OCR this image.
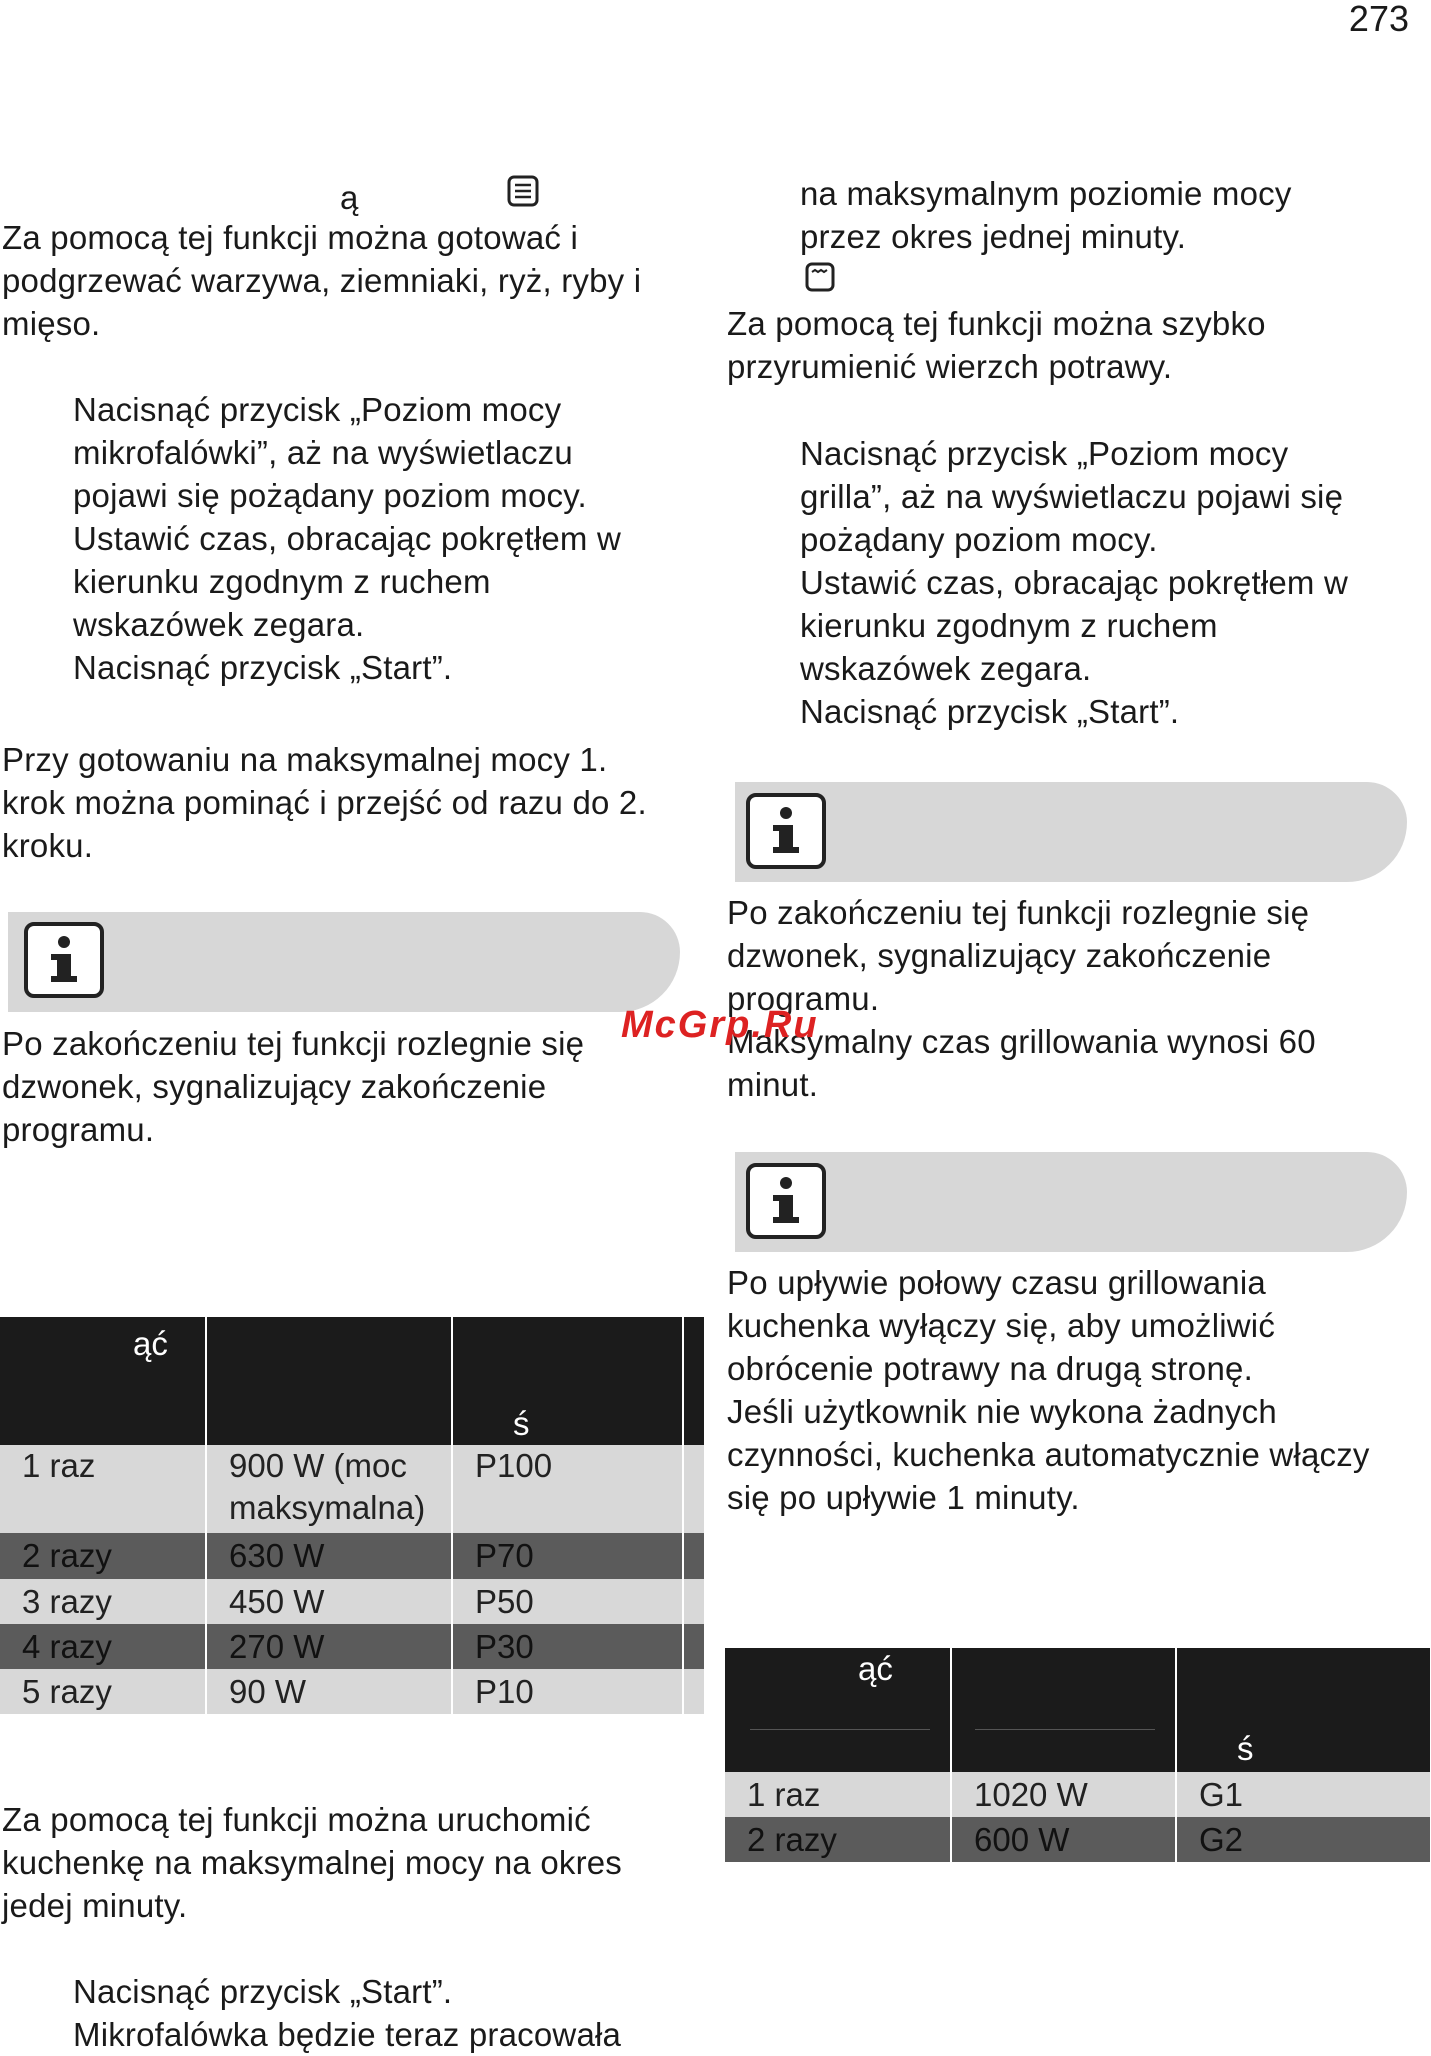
273
ą
Za pomocą tej funkcji można gotować i
podgrzewać warzywa, ziemniaki, ryż, ryby i
mięso.
Nacisnąć przycisk „Poziom mocy
mikrofalówki”, aż na wyświetlaczu
pojawi się pożądany poziom mocy.
Ustawić czas, obracając pokrętłem w
kierunku zgodnym z ruchem
wskazówek zegara.
Nacisnąć przycisk „Start”.
Przy gotowaniu na maksymalnej mocy 1.
krok można pominąć i przejść od razu do 2.
kroku.
Po zakończeniu tej funkcji rozlegnie się
dzwonek, sygnalizujący zakończenie
programu.
ąć		ś	
1 raz	900 W (moc maksymalna)	P100	
2 razy	630 W	P70	
3 razy	450 W	P50	
4 razy	270 W	P30	
5 razy	90 W	P10	
Za pomocą tej funkcji można uruchomić
kuchenkę na maksymalnej mocy na okres
jedej minuty.
Nacisnąć przycisk „Start”.
Mikrofalówka będzie teraz pracowała
na maksymalnym poziomie mocy
przez okres jednej minuty.
Za pomocą tej funkcji można szybko
przyrumienić wierzch potrawy.
Nacisnąć przycisk „Poziom mocy
grilla”, aż na wyświetlaczu pojawi się
pożądany poziom mocy.
Ustawić czas, obracając pokrętłem w
kierunku zgodnym z ruchem
wskazówek zegara.
Nacisnąć przycisk „Start”.
Po zakończeniu tej funkcji rozlegnie się
dzwonek, sygnalizujący zakończenie
programu.
Maksymalny czas grillowania wynosi 60
minut.
Po upływie połowy czasu grillowania
kuchenka wyłączy się, aby umożliwić
obrócenie potrawy na drugą stronę.
Jeśli użytkownik nie wykona żadnych
czynności, kuchenka automatycznie włączy
się po upływie 1 minuty.
ąć		ś
1 raz	1020 W	G1
2 razy	600 W	G2
McGrp.Ru
